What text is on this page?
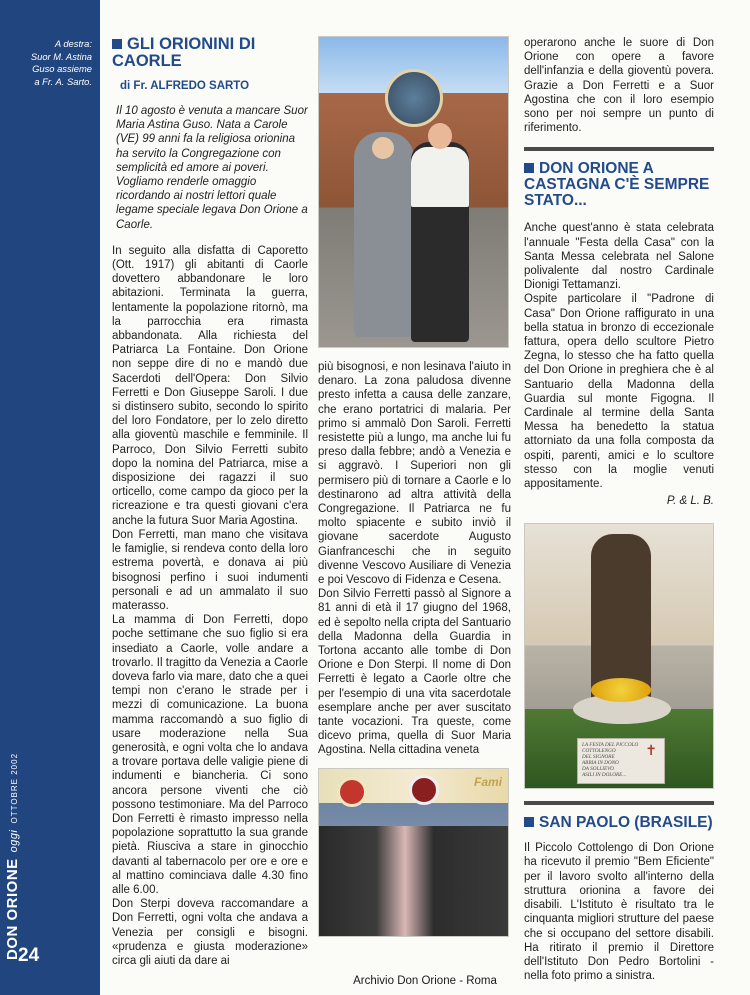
A destra:
Suor M. Astina
Guso assieme
a Fr. A. Sarto.
DON ORIONEoggiOTTOBRE 2002
24
GLI ORIONINI DI CAORLE
di Fr. ALFREDO SARTO
Il 10 agosto è venuta a mancare Suor Maria Astina Guso. Nata a Carole (VE) 99 anni fa la religiosa orionina ha servito la Congregazione con semplicità ed amore ai poveri. Vogliamo renderle omaggio ricordando ai nostri lettori quale legame speciale legava Don Orione a Caorle.

In seguito alla disfatta di Caporetto (Ott. 1917) gli abitanti di Caorle dovettero abbandonare le loro abitazioni. Terminata la guerra, lentamente la popolazione ritornò, ma la parrocchia era rimasta abbandonata. Alla richiesta del Patriarca La Fontaine. Don Orione non seppe dire di no e mandò due Sacerdoti dell'Opera: Don Silvio Ferretti e Don Giuseppe Saroli. I due si distinsero subito, secondo lo spirito del loro Fondatore, per lo zelo diretto alla gioventù maschile e femminile. Il Parroco, Don Silvio Ferretti subito dopo la nomina del Patriarca, mise a disposizione dei ragazzi il suo orticello, come campo da gioco per la ricreazione e tra questi giovani c'era anche la futura Suor Maria Agostina.

Don Ferretti, man mano che visitava le famiglie, si rendeva conto della loro estrema povertà, e donava ai più bisognosi perfino i suoi indumenti personali e ad un ammalato il suo materasso.

La mamma di Don Ferretti, dopo poche settimane che suo figlio si era insediato a Caorle, volle andare a trovarlo. Il tragitto da Venezia a Caorle doveva farlo via mare, dato che a quei tempi non c'erano le strade per i mezzi di comunicazione. La buona mamma raccomandò a suo figlio di usare moderazione nella Sua generosità, e ogni volta che lo andava a trovare portava delle valigie piene di indumenti e biancheria. Ci sono ancora persone viventi che ciò possono testimoniare. Ma del Parroco Don Ferretti è rimasto impresso nella popolazione soprattutto la sua grande pietà. Riusciva a stare in ginocchio davanti al tabernacolo per ore e ore e al mattino cominciava dalle 4.30 fino alle 6.00.

Don Sterpi doveva raccomandare a Don Ferretti, ogni volta che andava a Venezia per consigli e bisogni. «prudenza e giusta moderazione» circa gli aiuti da dare ai

più bisognosi, e non lesinava l'aiuto in denaro. La zona paludosa divenne presto infetta a causa delle zanzare, che erano portatrici di malaria. Per primo si ammalò Don Saroli. Ferretti resistette più a lungo, ma anche lui fu preso dalla febbre; andò a Venezia e si aggravò. I Superiori non gli permisero più di tornare a Caorle e lo destinarono ad altra attività della Congregazione. Il Patriarca ne fu molto spiacente e subito inviò il giovane sacerdote Augusto Gianfranceschi che in seguito divenne Vescovo Ausiliare di Venezia e poi Vescovo di Fidenza e Cesena.

Don Silvio Ferretti passò al Signore a 81 anni di età il 17 giugno del 1968, ed è sepolto nella cripta del Santuario della Madonna della Guardia in Tortona accanto alle tombe di Don Orione e Don Sterpi. Il nome di Don Ferretti è legato a Caorle oltre che per l'esempio di una vita sacerdotale esemplare anche per aver suscitato tante vocazioni. Tra queste, come dicevo prima, quella di Suor Maria Agostina. Nella cittadina veneta

Fami

operarono anche le suore di Don Orione con opere a favore dell'infanzia e della gioventù povera. Grazie a Don Ferretti e a Suor Agostina che con il loro esempio sono per noi sempre un punto di riferimento.

DON ORIONE A CASTAGNA C'È SEMPRE STATO...

Anche quest'anno è stata celebrata l'annuale "Festa della Casa" con la Santa Messa celebrata nel Salone polivalente dal nostro Cardinale Dionigi Tettamanzi.

Ospite particolare il "Padrone di Casa" Don Orione raffigurato in una bella statua in bronzo di eccezionale fattura, opera dello scultore Pietro Zegna, lo stesso che ha fatto quella del Don Orione in preghiera che è al Santuario della Madonna della Guardia sul monte Figogna. Il Cardinale al termine della Santa Messa ha benedetto la statua attorniato da una folla composta da ospiti, parenti, amici e lo scultore stesso con la moglie venuti appositamente.

P. & L. B.
LA FESTA DEL PICCOLO
COTTOLENGO
DEL SIGNORE
ABBIA IN DONO
DA SOLLIEVO
ASILI IN DOLORE...
✝
SAN PAOLO (BRASILE)

Il Piccolo Cottolengo di Don Orione ha ricevuto il premio "Bem Eficiente" per il lavoro svolto all'interno della struttura orionina a favore dei disabili. L'Istituto è risultato tra le cinquanta migliori strutture del paese che si occupano del settore disabili. Ha ritirato il premio il Direttore dell'Istituto Don Pedro Bortolini - nella foto primo a sinistra.

Archivio Don Orione - Roma
